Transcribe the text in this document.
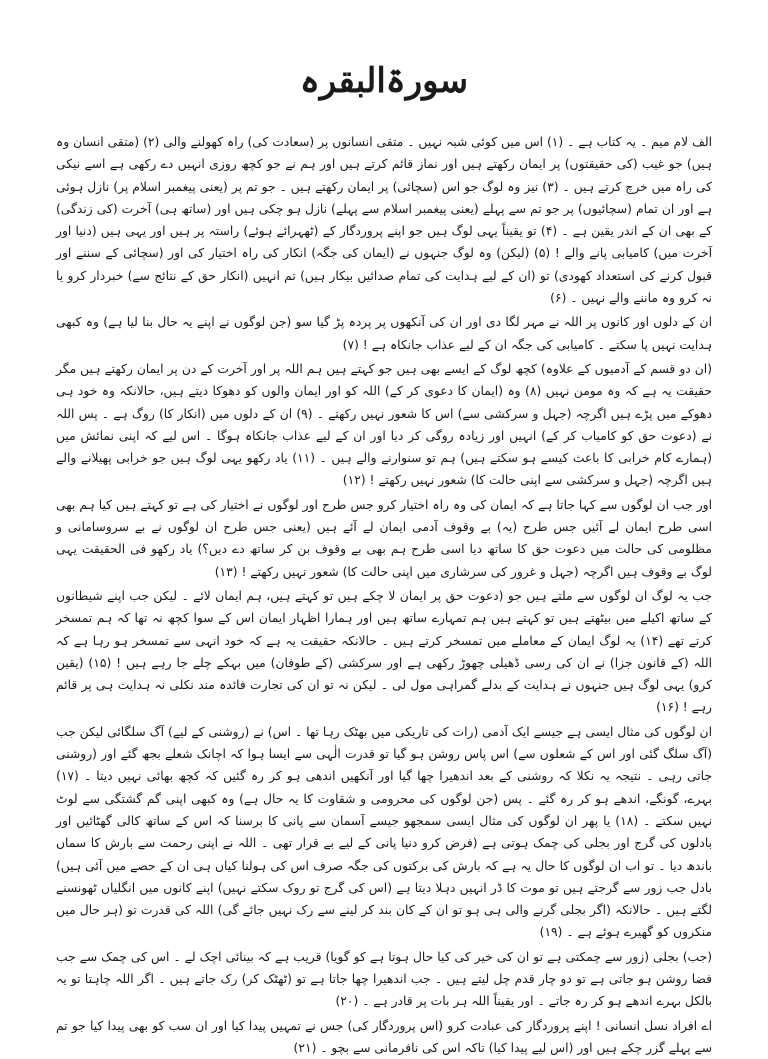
سورۃالبقرہ

الف لام میم ۔ یہ کتاب ہے ۔ (۱) اس میں کوئی شبہ نہیں ۔ متقی انسانوں پر (سعادت کی) راہ کھولنے والی (۲) (متقی انسان وہ ہیں) جو غیب (کی حقیقتوں) پر ایمان رکھتے ہیں اور نماز قائم کرتے ہیں اور ہم نے جو کچھ روزی انہیں دے رکھی ہے اسے نیکی کی راہ میں خرچ کرتے ہیں ۔ (۳) نیز وہ لوگ جو اس (سچائی) پر ایمان رکھتے ہیں ۔ جو تم پر (یعنی پیغمبر اسلام پر) نازل ہوئی ہے اور ان تمام (سچائیوں) پر جو تم سے پہلے (یعنی پیغمبر اسلام سے پہلے) نازل ہو چکی ہیں اور (ساتھ ہی) آخرت (کی زندگی) کے بھی ان کے اندر یقین ہے ۔ (۴) تو یقیناً یہی لوگ ہیں جو اپنے پروردگار کے (ٹھہرائے ہوئے) راستہ پر ہیں اور یہی ہیں (دنیا اور آخرت میں) کامیابی پانے والے ! (۵) (لیکن) وہ لوگ جنہوں نے (ایمان کی جگہ) انکار کی راہ اختیار کی اور (سچائی کے سننے اور قبول کرنے کی استعداد کھودی) تو (ان کے لیے ہدایت کی تمام صدائیں بیکار ہیں) تم انہیں (انکار حق کے نتائج سے) خبردار کرو یا نہ کرو وہ ماننے والے نہیں ۔ (۶)

ان کے دلوں اور کانوں پر اللہ نے مہر لگا دی اور ان کی آنکھوں پر پردہ پڑ گیا سو (جن لوگوں نے اپنے یہ حال بنا لیا ہے) وہ کبھی ہدایت نہیں پا سکتے ۔ کامیابی کی جگہ ان کے لیے عذاب جانکاہ ہے ! (۷)

(ان دو قسم کے آدمیوں کے علاوہ) کچھ لوگ کے ایسے بھی ہیں جو کہتے ہیں ہم اللہ پر اور آخرت کے دن پر ایمان رکھتے ہیں مگر حقیقت یہ ہے کہ وہ مومن نہیں (۸) وہ (ایمان کا دعوی کر کے) اللہ کو اور ایمان والوں کو دھوکا دیتے ہیں، حالانکہ وہ خود ہی دھوکے میں پڑے ہیں اگرچہ (جہل و سرکشی سے) اس کا شعور نہیں رکھتے ۔ (۹) ان کے دلوں میں (انکار کا) روگ ہے ۔ پس اللہ نے (دعوت حق کو کامیاب کر کے) انہیں اور زیادہ روگی کر دیا اور ان کے لیے عذاب جانکاہ ہوگا ۔ اس لیے کہ اپنی نمائش میں (ہمارے کام خرابی کا باعث کیسے ہو سکتے ہیں) ہم تو سنوارنے والے ہیں ۔ (۱۱) یاد رکھو یہی لوگ ہیں جو خرابی پھیلانے والے ہیں اگرچہ (جہل و سرکشی سے اپنی حالت کا) شعور نہیں رکھتے ! (۱۲)

اور جب ان لوگوں سے کہا جاتا ہے کہ ایمان کی وہ راہ اختیار کرو جس طرح اور لوگوں نے اختیار کی ہے تو کہتے ہیں کیا ہم بھی اسی طرح ایمان لے آئیں جس طرح (یہ) بے وقوف آدمی ایمان لے آئے ہیں (یعنی جس طرح ان لوگوں نے بے سروسامانی و مظلومی کی حالت میں دعوت حق کا ساتھ دیا اسی طرح ہم بھی بے وقوف بن کر ساتھ دے دیں؟) یاد رکھو فی الحقیقت یہی لوگ بے وقوف ہیں اگرچہ (جہل و غرور کی سرشاری میں اپنی حالت کا) شعور نہیں رکھتے ! (۱۳)

جب یہ لوگ ان لوگوں سے ملتے ہیں جو (دعوت حق پر ایمان لا چکے ہیں تو کہتے ہیں، ہم ایمان لائے ۔ لیکن جب اپنے شیطانوں کے ساتھ اکیلے میں بیٹھتے ہیں تو کہتے ہیں ہم تمہارے ساتھ ہیں اور ہمارا اظہار ایمان اس کے سوا کچھ نہ تھا کہ ہم تمسخر کرتے تھے (۱۴) یہ لوگ ایمان کے معاملے میں تمسخر کرتے ہیں ۔ حالانکہ حقیقت یہ ہے کہ خود انہی سے تمسخر ہو رہا ہے کہ اللہ (کے قانون جزا) نے ان کی رسی ڈھیلی چھوڑ رکھی ہے اور سرکشی (کے طوفان) میں بہکے چلے جا رہے ہیں ! (۱۵) (یقین کرو) یہی لوگ ہیں جنہوں نے ہدایت کے بدلے گمراہی مول لی ۔ لیکن نہ تو ان کی تجارت فائدہ مند نکلی نہ ہدایت ہی پر قائم رہے ! (۱۶)

ان لوگوں کی مثال ایسی ہے جیسے ایک آدمی (رات کی تاریکی میں بھٹک رہا تھا ۔ اس) نے (روشنی کے لیے) آگ سلگائی لیکن جب (آگ سلگ گئی اور اس کے شعلوں سے) اس پاس روشن ہو گیا تو قدرت الٰہی سے ایسا ہوا کہ اچانک شعلے بجھ گئے اور (روشنی جاتی رہی ۔ نتیجہ یہ نکلا کہ روشنی کے بعد اندھیرا چھا گیا اور آنکھیں اندھی ہو کر رہ گئیں کہ کچھ بھائی نہیں دیتا ۔ (۱۷) بہرے، گونگے، اندھے ہو کر رہ گئے ۔ پس (جن لوگوں کی محرومی و شقاوت کا یہ حال ہے) وہ کبھی اپنی گم گشتگی سے لوٹ نہیں سکتے ۔ (۱۸) یا پھر ان لوگوں کی مثال ایسی سمجھو جیسے آسمان سے پانی کا برسنا کہ اس کے ساتھ کالی گھٹائیں اور بادلوں کی گرج اور بجلی کی چمک ہوتی ہے (فرض کرو دنیا پانی کے لیے بے قرار تھی ۔ اللہ نے اپنی رحمت سے بارش کا سماں باندھ دیا ۔ تو اب ان لوگوں کا حال یہ ہے کہ بارش کی برکتوں کی جگہ صرف اس کی ہولنا کیاں ہی ان کے حصے میں آئی ہیں) بادل جب زور سے گرجتے ہیں تو موت کا ڈر انہیں دہلا دیتا ہے (اس کی گرج تو روک سکتے نہیں) اپنے کانوں میں انگلیاں ٹھونسنے لگتے ہیں ۔ حالانکہ (اگر بجلی گرنے والی ہی ہو تو ان کے کان بند کر لینے سے رک نہیں جائے گی) اللہ کی قدرت تو (ہر حال میں منکروں کو گھیرے ہوئے ہے ۔ (۱۹)

(جب) بجلی (زور سے چمکتی ہے تو ان کی خیر کی کیا حال ہوتا ہے کو گویا) قریب ہے کہ بینائی اچک لے ۔ اس کی چمک سے جب فضا روشن ہو جاتی ہے تو دو چار قدم چل لیتے ہیں ۔ جب اندھیرا چھا جاتا ہے تو (ٹھٹک کر) رک جاتے ہیں ۔ اگر اللہ چاہتا تو یہ بالکل بہرے اندھے ہو کر رہ جاتے ۔ اور یقیناً اللہ ہر بات پر قادر ہے ۔ (۲۰)

اے افراد نسل انسانی ! اپنے پروردگار کی عبادت کرو (اس پروردگار کی) جس نے تمہیں پیدا کیا اور ان سب کو بھی پیدا کیا جو تم سے پہلے گزر چکے ہیں اور (اس لیے پیدا کیا) تاکہ اس کی نافرمانی سے بچو ۔ (۲۱)
